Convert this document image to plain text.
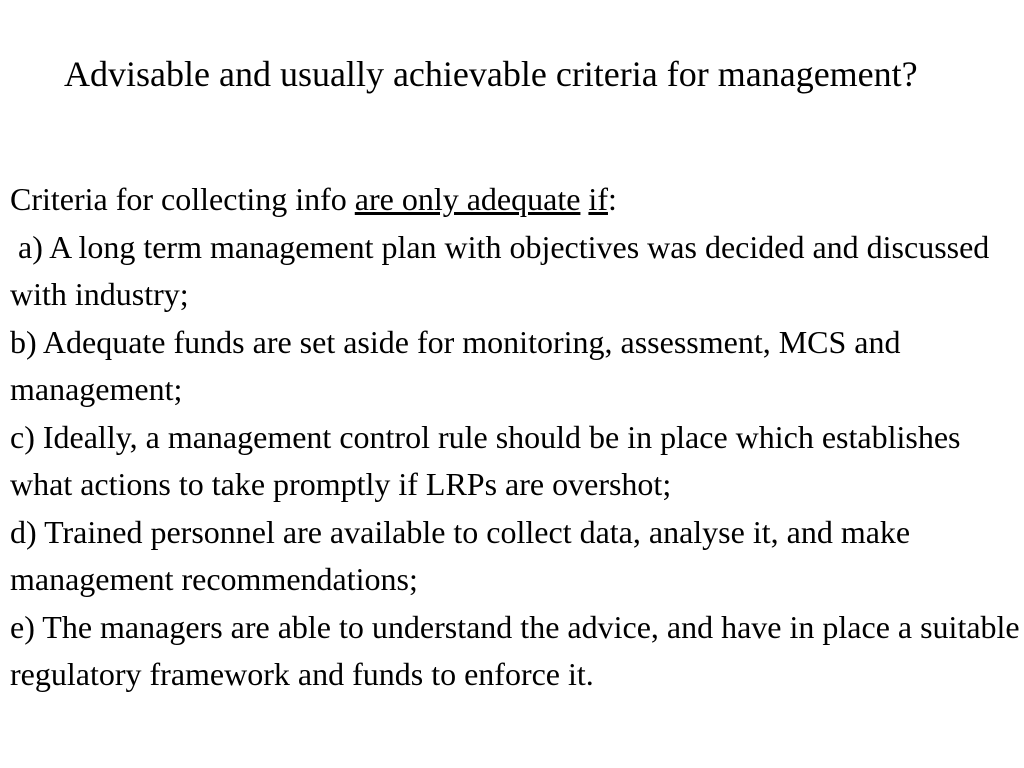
Advisable and usually achievable criteria for management?

Criteria for collecting info are only adequate if:

a) A long term management plan with objectives was decided and discussed with industry;

b) Adequate funds are set aside for monitoring, assessment, MCS and management;

c) Ideally, a management control rule should be in place which establishes what actions to take promptly if LRPs are overshot;

d) Trained personnel are available to collect data, analyse it, and make management recommendations;

e) The managers are able to understand the advice, and have in place a suitable regulatory framework and funds to enforce it.
